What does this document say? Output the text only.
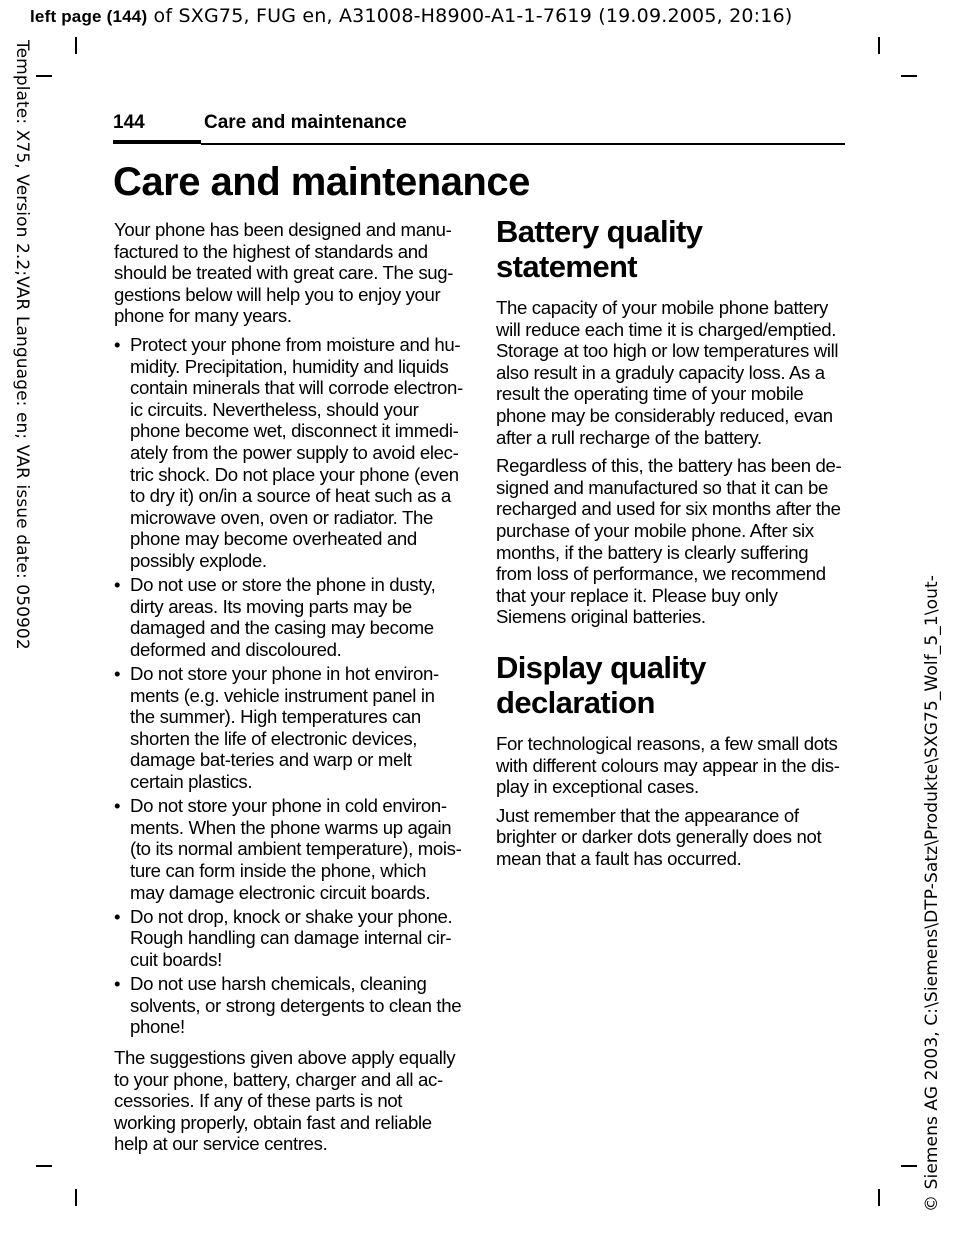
left page (144) of SXG75, FUG en, A31008-H8900-A1-1-7619 (19.09.2005, 20:16)
Template: X75, Version 2.2;VAR Language: en; VAR issue date: 050902
© Siemens AG 2003, C:\Siemens\DTP-Satz\Produkte\SXG75_Wolf_5_1\out-
144	Care and maintenance
Care and maintenance

Your phone has been designed and manu-factured to the highest of standards and should be treated with great care. The sug-gestions below will help you to enjoy your phone for many years.

• Protect your phone from moisture and hu-midity. Precipitation, humidity and liquids contain minerals that will corrode electron-ic circuits. Nevertheless, should your phone become wet, disconnect it immedi-ately from the power supply to avoid elec-tric shock. Do not place your phone (even to dry it) on/in a source of heat such as a microwave oven, oven or radiator. The phone may become overheated and possibly explode.
• Do not use or store the phone in dusty, dirty areas. Its moving parts may be damaged and the casing may become deformed and discoloured.
• Do not store your phone in hot environ-ments (e.g. vehicle instrument panel in the summer). High temperatures can shorten the life of electronic devices, damage bat-teries and warp or melt certain plastics.
• Do not store your phone in cold environ-ments. When the phone warms up again (to its normal ambient temperature), mois-ture can form inside the phone, which may damage electronic circuit boards.
• Do not drop, knock or shake your phone. Rough handling can damage internal cir-cuit boards!
• Do not use harsh chemicals, cleaning solvents, or strong detergents to clean the phone!

The suggestions given above apply equally to your phone, battery, charger and all ac-cessories. If any of these parts is not working properly, obtain fast and reliable help at our service centres.

Battery quality statement

The capacity of your mobile phone battery will reduce each time it is charged/emptied. Storage at too high or low temperatures will also result in a graduly capacity loss. As a result the operating time of your mobile phone may be considerably reduced, evan after a rull recharge of the battery.

Regardless of this, the battery has been de-signed and manufactured so that it can be recharged and used for six months after the purchase of your mobile phone. After six months, if the battery is clearly suffering from loss of performance, we recommend that your replace it. Please buy only Siemens original batteries.

Display quality declaration

For technological reasons, a few small dots with different colours may appear in the dis-play in exceptional cases.

Just remember that the appearance of brighter or darker dots generally does not mean that a fault has occurred.
